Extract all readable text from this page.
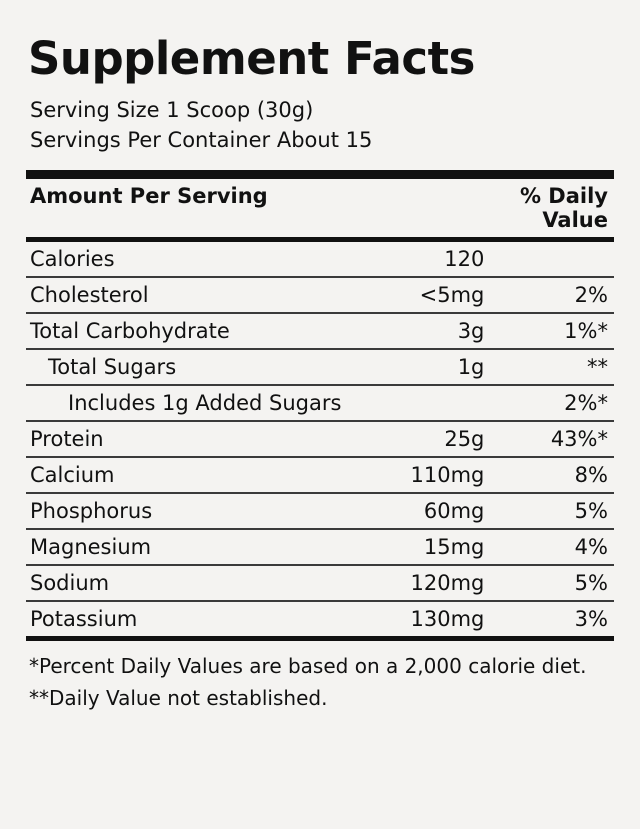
Supplement Facts
Serving Size 1 Scoop (30g)
Servings Per Container About 15
Amount Per Serving		% Daily Value
Calories	120	
Cholesterol	<5mg	2%
Total Carbohydrate	3g	1%*
Total Sugars	1g	**
Includes 1g Added Sugars		2%*
Protein	25g	43%*
Calcium	110mg	8%
Phosphorus	60mg	5%
Magnesium	15mg	4%
Sodium	120mg	5%
Potassium	130mg	3%
*Percent Daily Values are based on a 2,000 calorie diet.
**Daily Value not established.
